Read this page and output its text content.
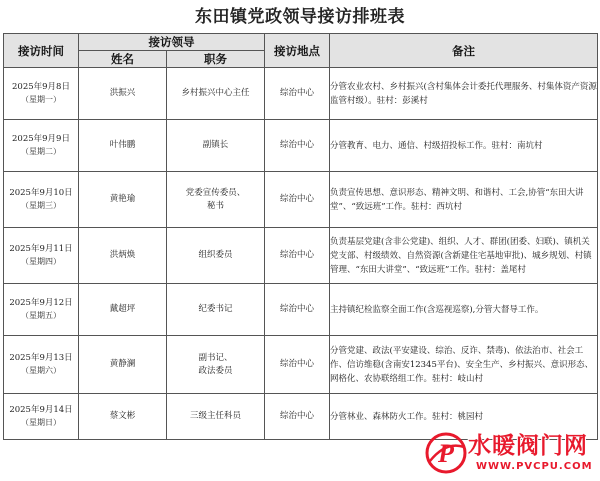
东田镇党政领导接访排班表
接访时间	接访领导		接访地点	备注
	姓名	职务		

2025年9月8日
（星期一）	洪振兴	乡村振兴中心主任	综治中心	分管农业农村、乡村振兴(含村集体会计委托代理服务、村集体资产资源监管村级）。驻村：彭溪村

2025年9月9日
（星期二）	叶伟鹏	副镇长	综治中心	分管教育、电力、通信、村级招投标工作。驻村：南坑村

2025年9月10日
（星期三）	黄艳瑜	党委宣传委员、
秘书	综治中心	负责宣传思想、意识形态、精神文明、和谐村、工会,协管“东田大讲堂”、“致远班”工作。驻村：西坑村

2025年9月11日
（星期四）	洪炳焕	组织委员	综治中心	负责基层党建(含非公党建)、组织、人才、群团(团委、妇联)、镇机关党支部、村级绩效、自然资源(含新建住宅基地审批)、城乡规划、村镇管理、“东田大讲堂”、“致远班”工作。驻村：盖尾村

2025年9月12日
（星期五）	戴超坪	纪委书记	综治中心	主持镇纪检监察全面工作(含巡视巡察),分管大督导工作。

2025年9月13日
（星期六）	黄静澜	副书记、
政法委员	综治中心	分管党建、政法(平安建设、综治、反诈、禁毒)、依法治市、社会工作、信访维稳(含南安12345平台)、安全生产、乡村振兴、意识形态、网格化、农协联络组工作。驻村：岐山村

2025年9月14日
（星期日）	蔡文彬	三级主任科员	综治中心	分管林业、森林防火工作。驻村：桃园村
P 水暖阀门网
WWW.PVCPU.COM
